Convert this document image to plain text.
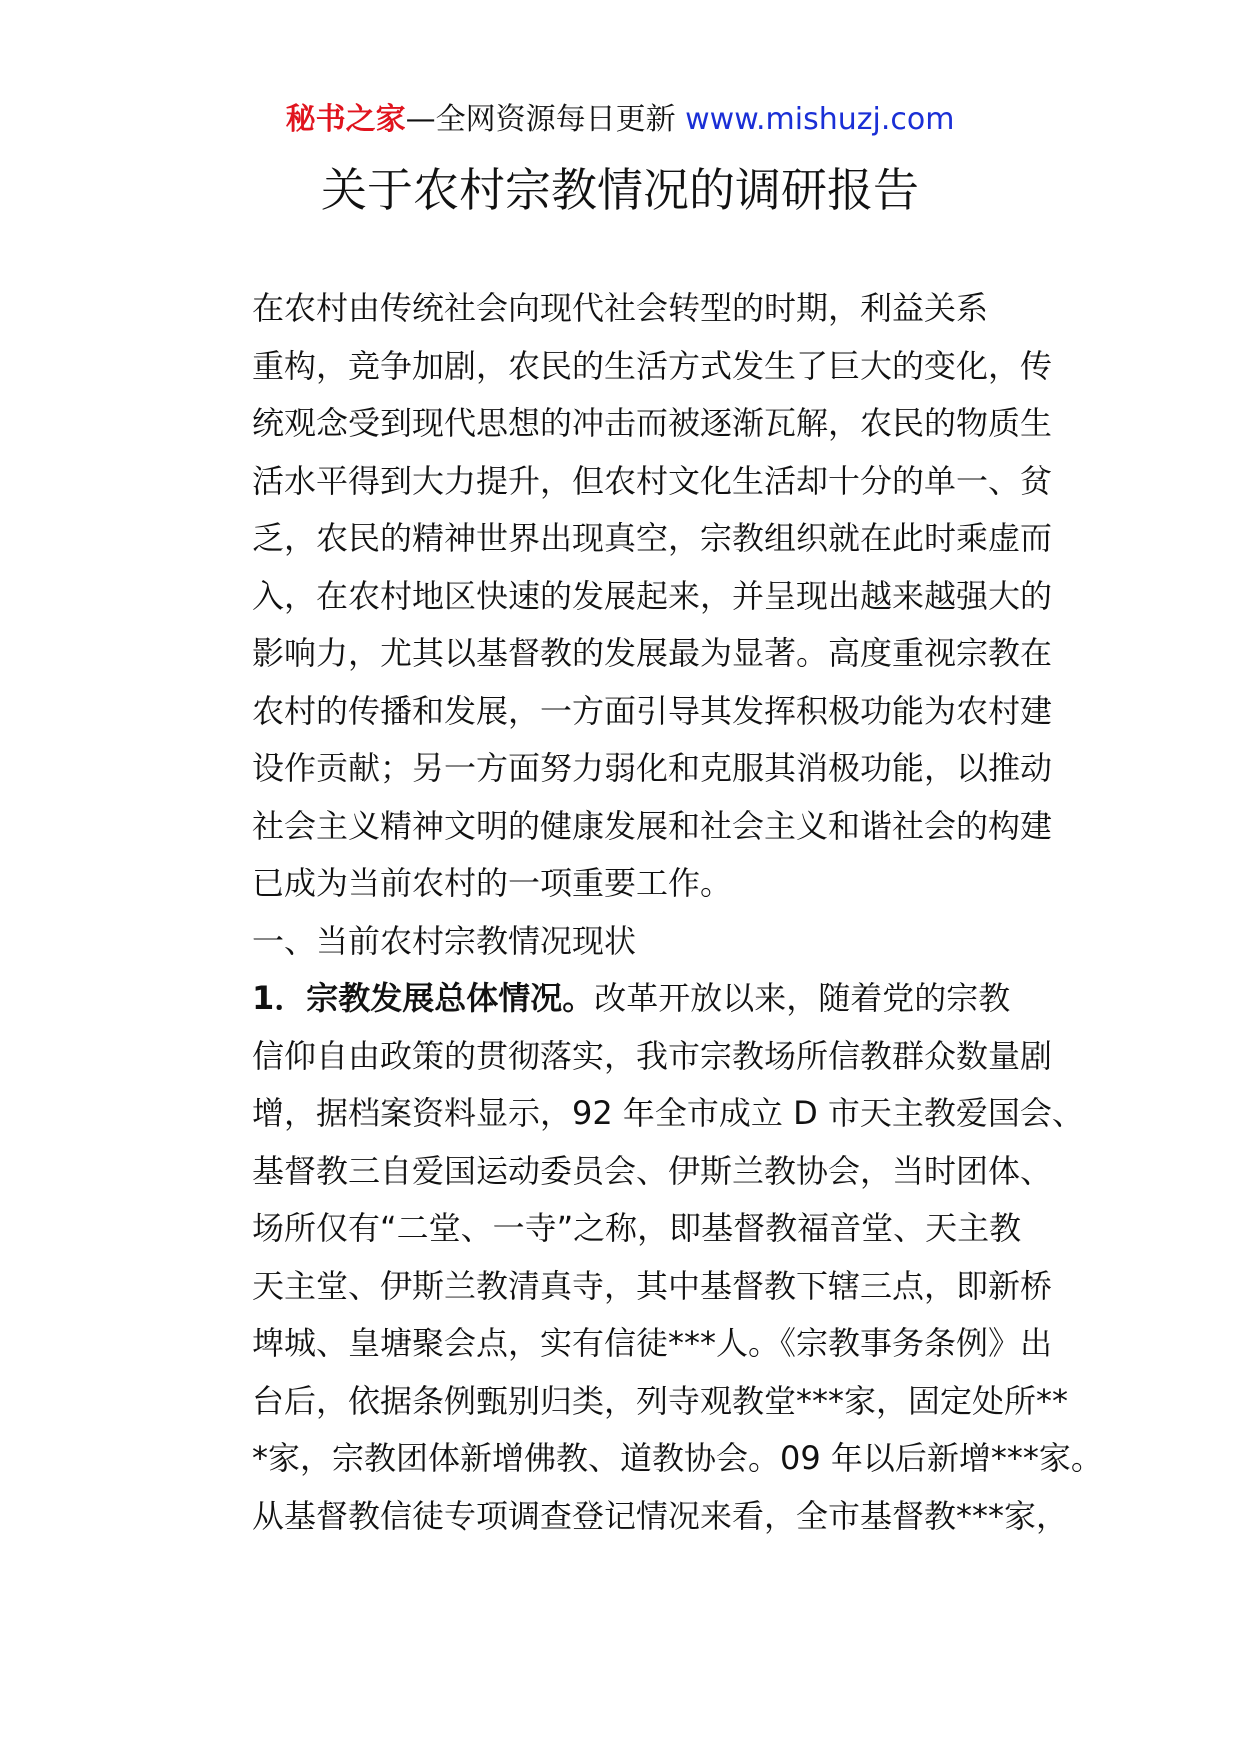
秘书之家—全网资源每日更新 www.mishuzj.com
关于农村宗教情况的调研报告

在农村由传统社会向现代社会转型的时期，利益关系
重构，竞争加剧，农民的生活方式发生了巨大的变化，传
统观念受到现代思想的冲击而被逐渐瓦解，农民的物质生
活水平得到大力提升，但农村文化生活却十分的单一、贫
乏，农民的精神世界出现真空，宗教组织就在此时乘虚而
入，在农村地区快速的发展起来，并呈现出越来越强大的
影响力，尤其以基督教的发展最为显著。高度重视宗教在
农村的传播和发展，一方面引导其发挥积极功能为农村建
设作贡献；另一方面努力弱化和克服其消极功能，以推动
社会主义精神文明的健康发展和社会主义和谐社会的构建
已成为当前农村的一项重要工作。

一、当前农村宗教情况现状

1．宗教发展总体情况。改革开放以来，随着党的宗教
信仰自由政策的贯彻落实，我市宗教场所信教群众数量剧
增，据档案资料显示，92 年全市成立 D 市天主教爱国会、
基督教三自爱国运动委员会、伊斯兰教协会，当时团体、
场所仅有“二堂、一寺”之称，即基督教福音堂、天主教
天主堂、伊斯兰教清真寺，其中基督教下辖三点，即新桥
埤城、皇塘聚会点，实有信徒***人。《宗教事务条例》出
台后，依据条例甄别归类，列寺观教堂***家，固定处所**
*家，宗教团体新增佛教、道教协会。09 年以后新增***家。
从基督教信徒专项调查登记情况来看，全市基督教***家，
